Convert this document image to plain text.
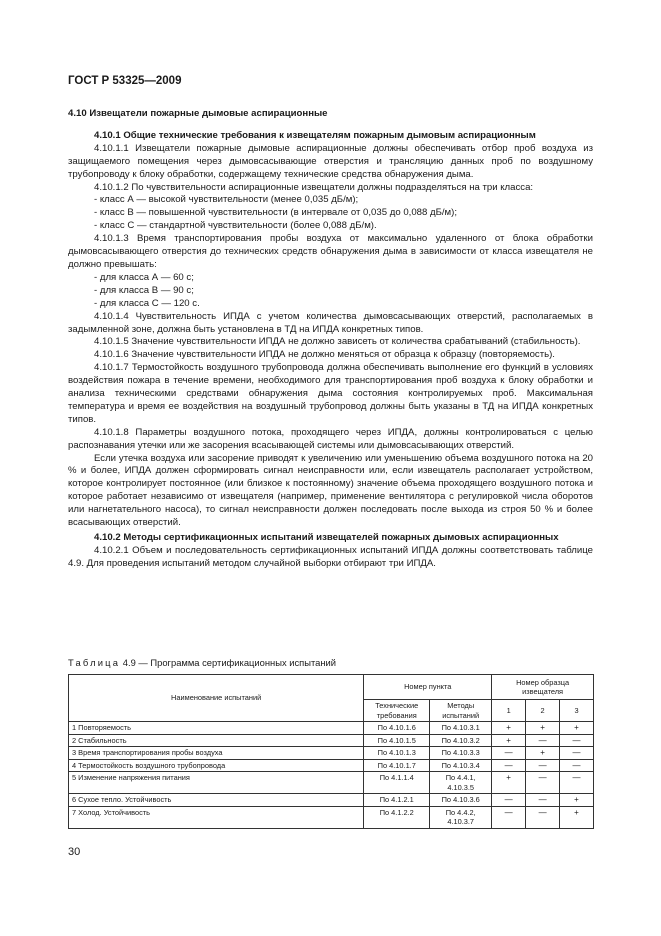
ГОСТ Р 53325—2009

4.10 Извещатели пожарные дымовые аспирационные

4.10.1 Общие технические требования к извещателям пожарным дымовым аспирационным

4.10.1.1 Извещатели пожарные дымовые аспирационные должны обеспечивать отбор проб воздуха из защищаемого помещения через дымовсасывающие отверстия и трансляцию данных проб по воздушному трубопроводу к блоку обработки, содержащему технические средства обнаружения дыма.

4.10.1.2 По чувствительности аспирационные извещатели должны подразделяться на три класса:

- класс А — высокой чувствительности (менее 0,035 дБ/м);

- класс В — повышенной чувствительности (в интервале от 0,035 до 0,088 дБ/м);

- класс С — стандартной чувствительности (более 0,088 дБ/м).

4.10.1.3 Время транспортирования пробы воздуха от максимально удаленного от блока обработки дымовсасывающего отверстия до технических средств обнаружения дыма в зависимости от класса извещателя не должно превышать:

- для класса А — 60 с;

- для класса В — 90 с;

- для класса С — 120 с.

4.10.1.4 Чувствительность ИПДА с учетом количества дымовсасывающих отверстий, располагаемых в задымленной зоне, должна быть установлена в ТД на ИПДА конкретных типов.

4.10.1.5 Значение чувствительности ИПДА не должно зависеть от количества срабатываний (стабильность).

4.10.1.6 Значение чувствительности ИПДА не должно меняться от образца к образцу (повторяемость).

4.10.1.7 Термостойкость воздушного трубопровода должна обеспечивать выполнение его функций в условиях воздействия пожара в течение времени, необходимого для транспортирования проб воздуха к блоку обработки и анализа техническими средствами обнаружения дыма состояния контролируемых проб. Максимальная температура и время ее воздействия на воздушный трубопровод должны быть указаны в ТД на ИПДА конкретных типов.

4.10.1.8 Параметры воздушного потока, проходящего через ИПДА, должны контролироваться с целью распознавания утечки или же засорения всасывающей системы или дымовсасывающих отверстий.

Если утечка воздуха или засорение приводят к увеличению или уменьшению объема воздушного потока на 20 % и более, ИПДА должен сформировать сигнал неисправности или, если извещатель располагает устройством, которое контролирует постоянное (или близкое к постоянному) значение объема проходящего воздушного потока и которое работает независимо от извещателя (например, применение вентилятора с регулировкой числа оборотов или нагнетательного насоса), то сигнал неисправности должен последовать после выхода из строя 50 % и более всасывающих отверстий.

4.10.2 Методы сертификационных испытаний извещателей пожарных дымовых аспирационных

4.10.2.1 Объем и последовательность сертификационных испытаний ИПДА должны соответствовать таблице 4.9. Для проведения испытаний методом случайной выборки отбирают три ИПДА.

Таблица 4.9 — Программа сертификационных испытаний
Наименование испытаний	Номер пункта		Номер образца извещателя		
	Технические требования	Методы испытаний	1	2	3
1 Повторяемость	По 4.10.1.6	По 4.10.3.1	+	+	+
2 Стабильность	По 4.10.1.5	По 4.10.3.2	+	—	—
3 Время транспортирования пробы воздуха	По 4.10.1.3	По 4.10.3.3	—	+	—
4 Термостойкость воздушного трубопровода	По 4.10.1.7	По 4.10.3.4	—	—	—
5 Изменение напряжения питания	По 4.1.1.4	По 4.4.1, 4.10.3.5	+	—	—
6 Сухое тепло. Устойчивость	По 4.1.2.1	По 4.10.3.6	—	—	+
7 Холод. Устойчивость	По 4.1.2.2	По 4.4.2, 4.10.3.7	—	—	+
30
